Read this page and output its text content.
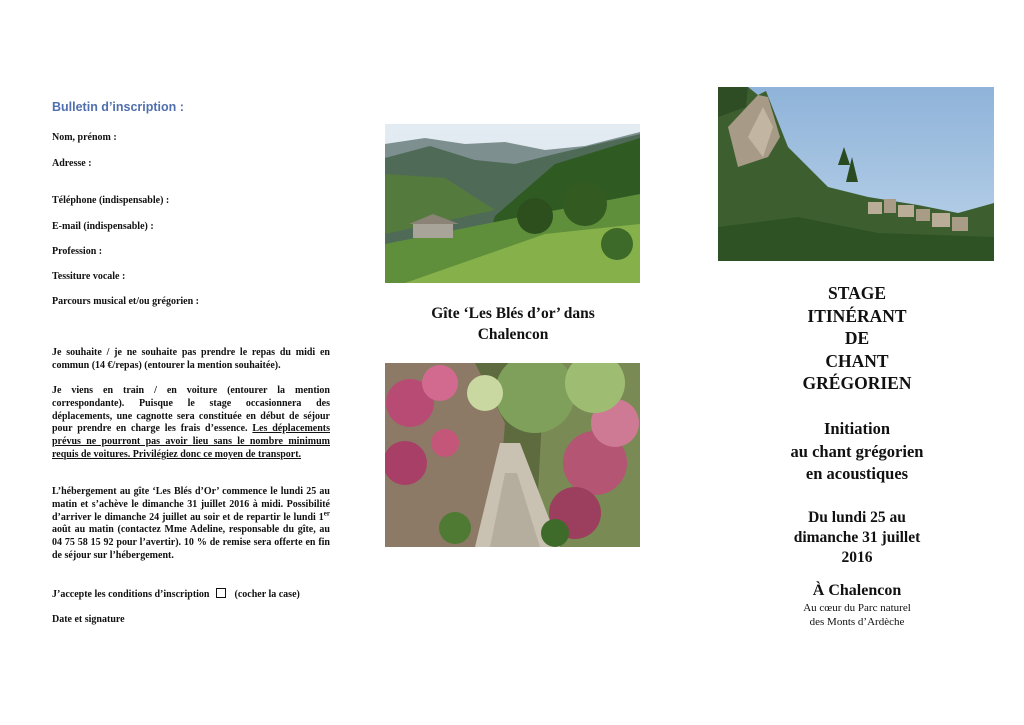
Bulletin d’inscription :
Nom, prénom :
Adresse :
Téléphone (indispensable) :
E-mail (indispensable) :
Profession :
Tessiture vocale :
Parcours musical et/ou grégorien :
Je souhaite / je ne souhaite pas prendre le repas du midi en commun (14 €/repas) (entourer la mention souhaitée).
Je viens en train / en voiture (entourer la mention correspondante). Puisque le stage occasionnera des déplacements, une cagnotte sera constituée en début de séjour pour prendre en charge les frais d’essence. Les déplacements prévus ne pourront pas avoir lieu sans le nombre minimum requis de voitures. Privilégiez donc ce moyen de transport.
L’hébergement au gîte ‘Les Blés d’Or’ commence le lundi 25 au matin et s’achève le dimanche 31 juillet 2016 à midi. Possibilité d’arriver le dimanche 24 juillet au soir et de repartir le lundi 1er août au matin (contactez Mme Adeline, responsable du gîte, au 04 75 58 15 92 pour l’avertir). 10 % de remise sera offerte en fin de séjour sur l’hébergement.
J’accepte les conditions d’inscription	(cocher la case)
Date et signature
Gîte ‘Les Blés d’or’ dans
Chalencon
STAGE
ITINÉRANT
DE
CHANT
GRÉGORIEN
Initiation
au chant grégorien
en acoustiques
Du lundi 25 au
dimanche 31 juillet
2016
À Chalencon
Au cœur du Parc naturel
des Monts d’Ardèche
